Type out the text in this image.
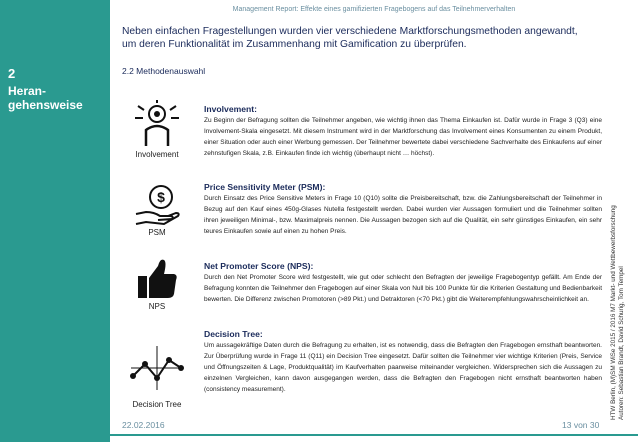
2
Heran-
gehensweise
Management Report: Effekte eines gamifizierten Fragebogens auf das Teilnehmerverhalten
Neben einfachen Fragestellungen wurden vier verschiedene Marktforschungsmethoden angewandt, um deren Funktionalität im Zusammenhang mit Gamification zu überprüfen.
2.2 Methodenauswahl
HTW Berlin, (M)SM WiSe 2015 / 2016 M7 Markt- und Wettbewerbsforschung
Autoren: Sebastian Brandt, David Schurig, Tom Tempel
Involvement
$
PSM
NPS
Decision Tree
Involvement:
Zu Beginn der Befragung sollten die Teilnehmer angeben, wie wichtig ihnen das Thema Einkaufen ist. Dafür wurde in Frage 3 (Q3) eine Involvement-Skala eingesetzt. Mit diesem Instrument wird in der Marktforschung das Involvement eines Konsumenten zu einem Produkt, einer Situation oder auch einer Werbung gemessen. Der Teilnehmer bewertete dabei verschiedene Sachverhalte des Einkaufens auf einer zehnstufigen Skala, z.B. Einkaufen finde ich wichtig (überhaupt nicht … höchst).
Price Sensitivity Meter (PSM):
Durch Einsatz des Price Sensitive Meters in Frage 10 (Q10) sollte die Preisbereitschaft, bzw. die Zahlungsbereitschaft der Teilnehmer in Bezug auf den Kauf eines 450g-Glases Nutella festgestellt werden. Dabei wurden vier Aussagen formuliert und die Teilnehmer sollten ihren jeweiligen Minimal-, bzw. Maximalpreis nennen. Die Aussagen bezogen sich auf die Qualität, ein sehr günstiges Einkaufen, ein sehr teures Einkaufen sowie auf einen zu hohen Preis.
Net Promoter Score (NPS):
Durch den Net Promoter Score wird festgestellt, wie gut oder schlecht den Befragten der jeweilige Fragebogentyp gefällt. Am Ende der Befragung konnten die Teilnehmer den Fragebogen auf einer Skala von Null bis 100 Punkte für die Kriterien Gestaltung und Bedienbarkeit bewerten. Die Differenz zwischen Promotoren (>89 Pkt.) und Detraktoren (<70 Pkt.) gibt die Weiterempfehlungswahrscheinlichkeit an.
Decision Tree:
Um aussagekräftige Daten durch die Befragung zu erhalten, ist es notwendig, dass die Befragten den Fragebogen ernsthaft beantworten. Zur Überprüfung wurde in Frage 11 (Q11) ein Decision Tree eingesetzt. Dafür sollten die Teilnehmer vier wichtige Kriterien (Preis, Service und Öffnungszeiten & Lage, Produktqualität) im Kaufverhalten paarweise miteinander vergleichen. Widersprechen sich die Aussagen zu einzelnen Vergleichen, kann davon ausgegangen werden, dass die Befragten den Fragebogen nicht ernsthaft beantworten haben (consistency measurement).
22.02.2016	13 von 30
